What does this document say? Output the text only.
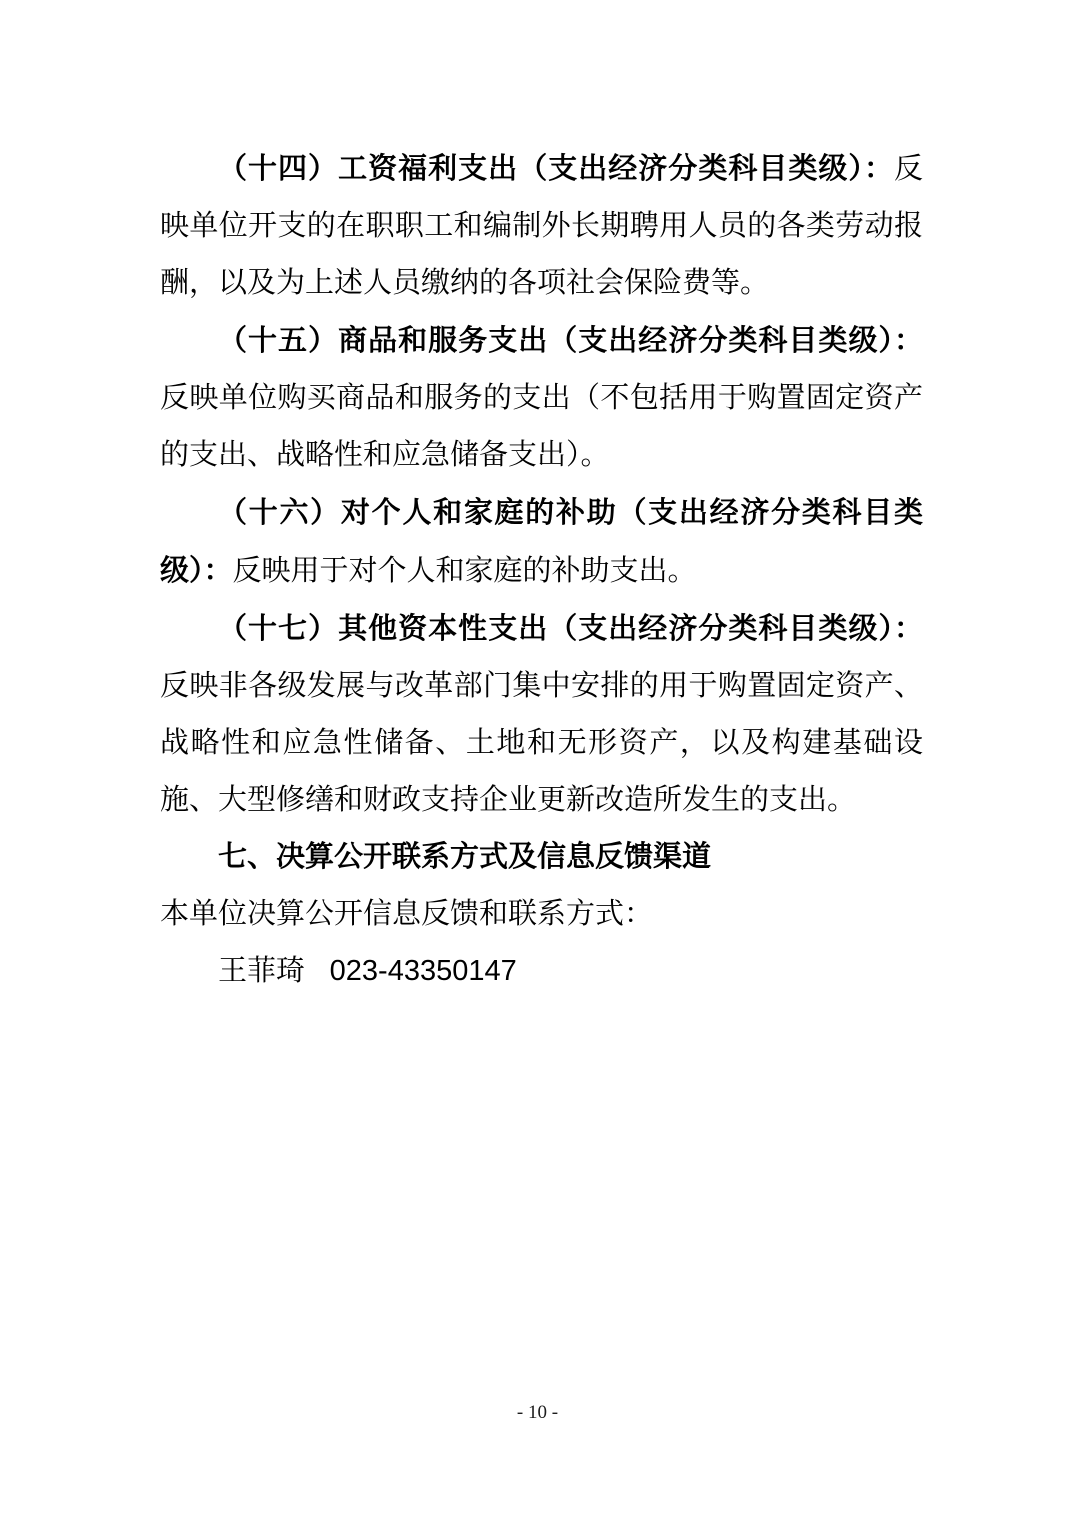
（十四）工资福利支出（支出经济分类科目类级）：反映单位开支的在职职工和编制外长期聘用人员的各类劳动报酬，以及为上述人员缴纳的各项社会保险费等。

（十五）商品和服务支出（支出经济分类科目类级）：反映单位购买商品和服务的支出（不包括用于购置固定资产的支出、战略性和应急储备支出）。

（十六）对个人和家庭的补助（支出经济分类科目类级）：反映用于对个人和家庭的补助支出。

（十七）其他资本性支出（支出经济分类科目类级）：反映非各级发展与改革部门集中安排的用于购置固定资产、战略性和应急性储备、土地和无形资产，以及构建基础设施、大型修缮和财政支持企业更新改造所发生的支出。

七、决算公开联系方式及信息反馈渠道

本单位决算公开信息反馈和联系方式：

王菲琦 023-43350147

- 10 -
